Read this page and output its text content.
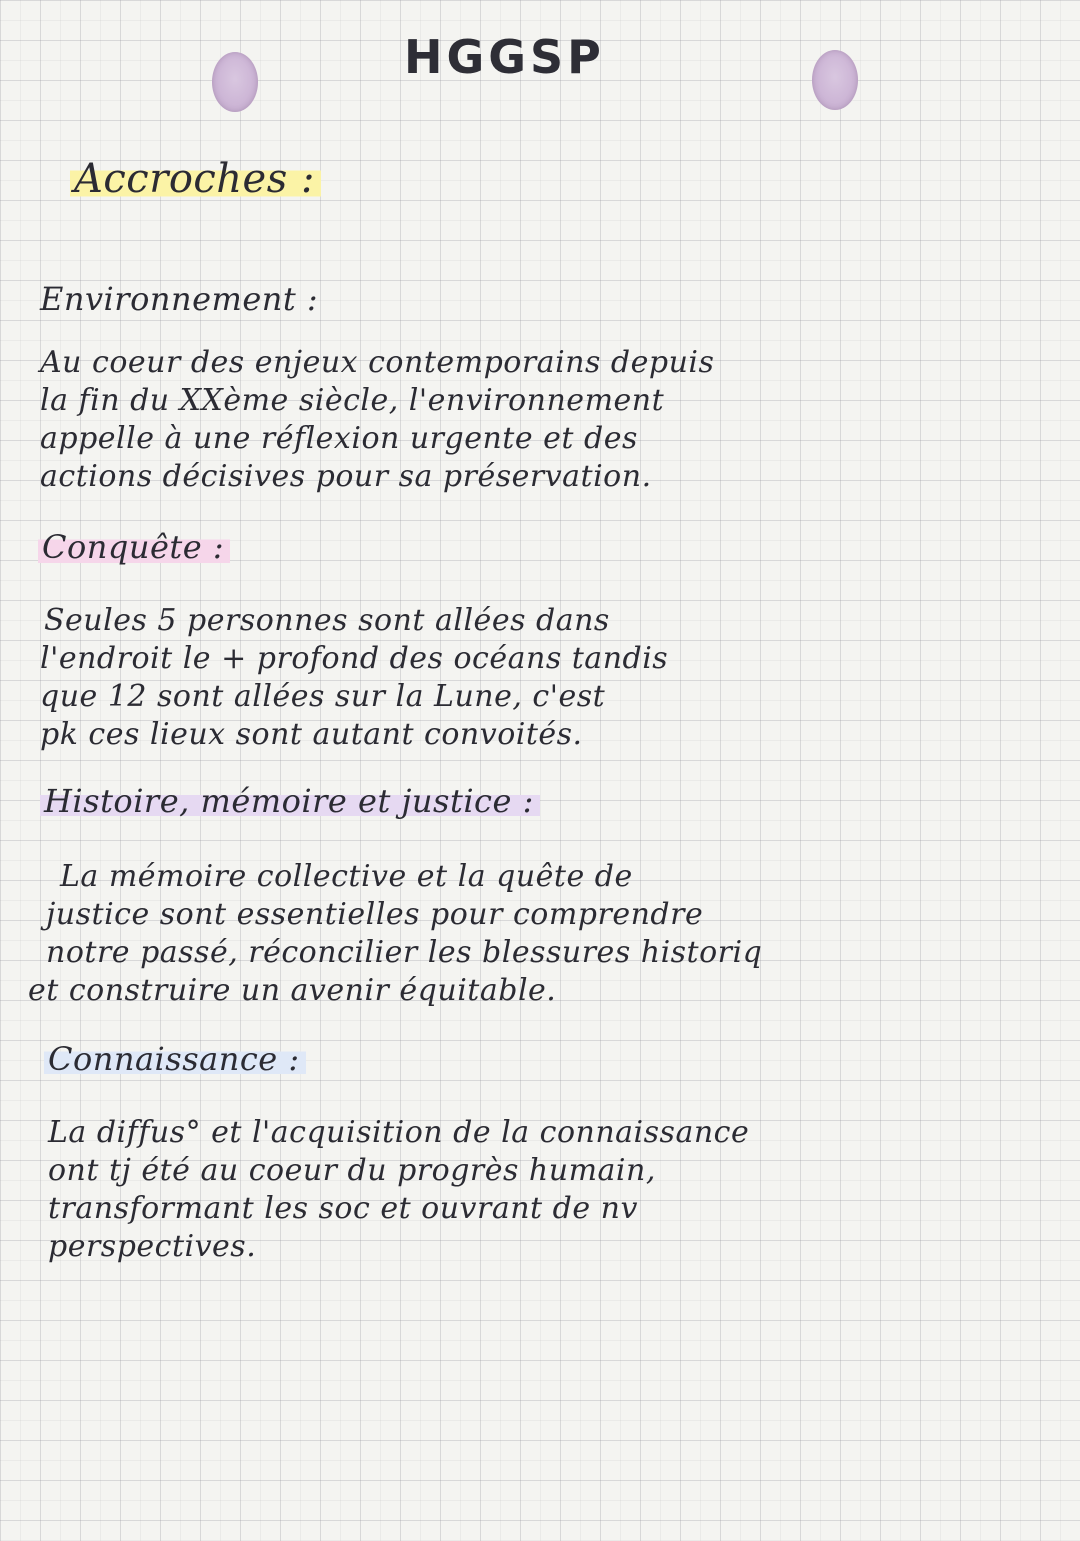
HGGSP
Accroches :
Environnement :
Au coeur des enjeux contemporains depuis
la fin du XXème siècle, l'environnement
appelle à une réflexion urgente et des
actions décisives pour sa préservation.
Conquête :
Seules 5 personnes sont allées dans
l'endroit le + profond des océans tandis
que 12 sont allées sur la Lune, c'est
pk ces lieux sont autant convoités.
Histoire, mémoire et justice :
La mémoire collective et la quête de
justice sont essentielles pour comprendre
notre passé, réconcilier les blessures historiq
et construire un avenir équitable.
Connaissance :
La diffus° et l'acquisition de la connaissance
ont tj été au coeur du progrès humain,
transformant les soc et ouvrant de nv
perspectives.
